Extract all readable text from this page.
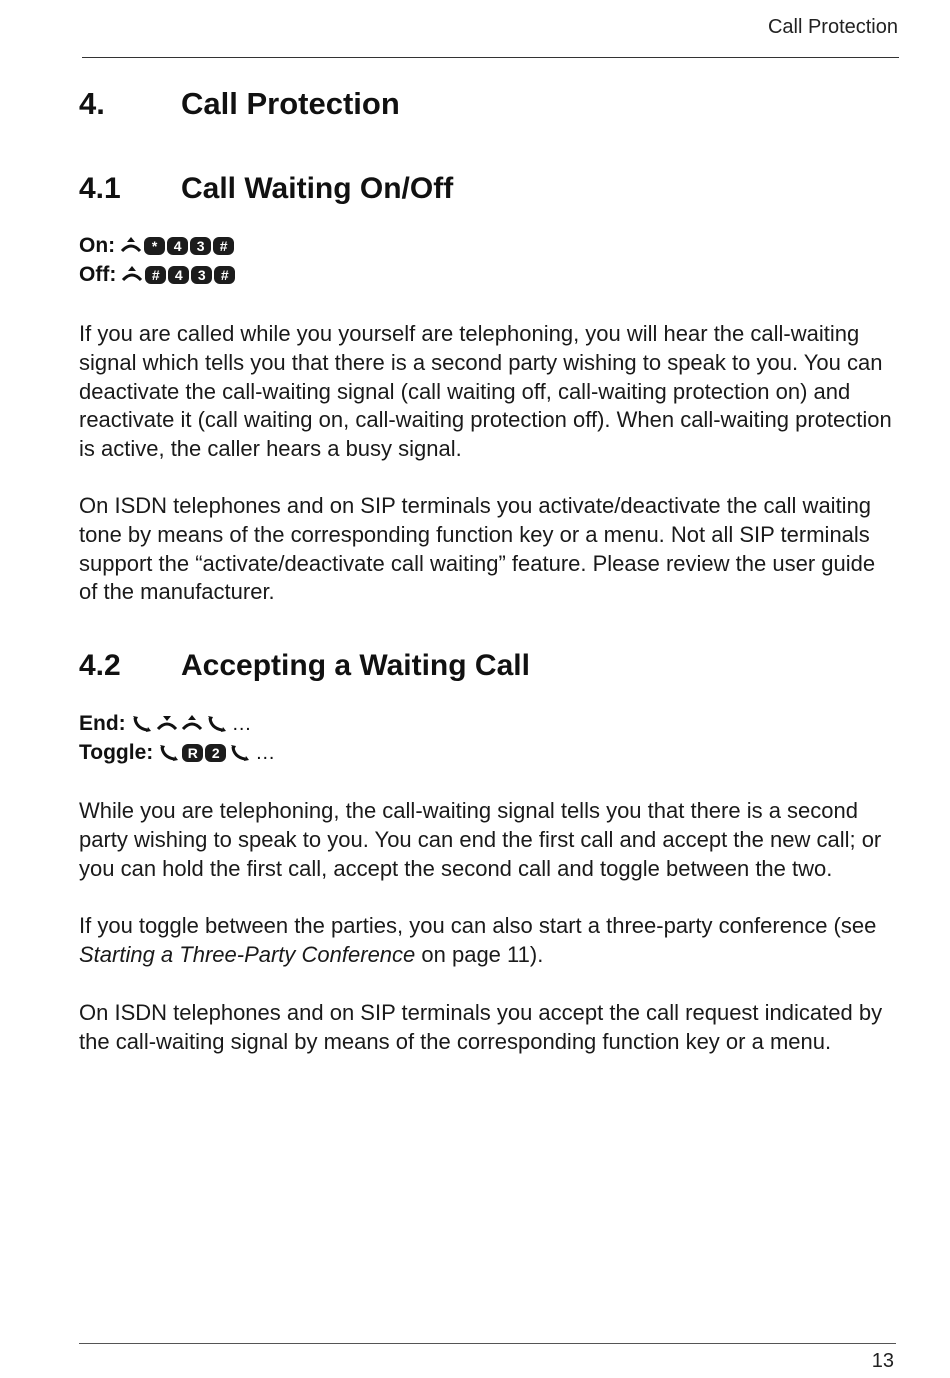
Call Protection
4. Call Protection
4.1 Call Waiting On/Off
On:	*	4	3	#
Off:	#	4	3	#

If you are called while you yourself are telephoning, you will hear the call-waiting signal which tells you that there is a second party wishing to speak to you. You can deactivate the call-waiting signal (call waiting off, call-waiting protection on) and reactivate it (call waiting on, call-waiting protection off). When call-waiting protection is active, the caller hears a busy signal.

On ISDN telephones and on SIP terminals you activate/deactivate the call waiting tone by means of the corresponding function key or a menu. Not all SIP terminals support the “activate/deactivate call waiting” feature. Please review the user guide of the manufacturer.

4.2 Accepting a Waiting Call
End:	…
Toggle:	R	2	…

While you are telephoning, the call-waiting signal tells you that there is a second party wishing to speak to you. You can end the first call and accept the new call; or you can hold the first call, accept the second call and toggle between the two.

If you toggle between the parties, you can also start a three-party conference (see Starting a Three-Party Conference on page 11).

On ISDN telephones and on SIP terminals you accept the call request indicated by the call-waiting signal by means of the corresponding function key or a menu.

13
